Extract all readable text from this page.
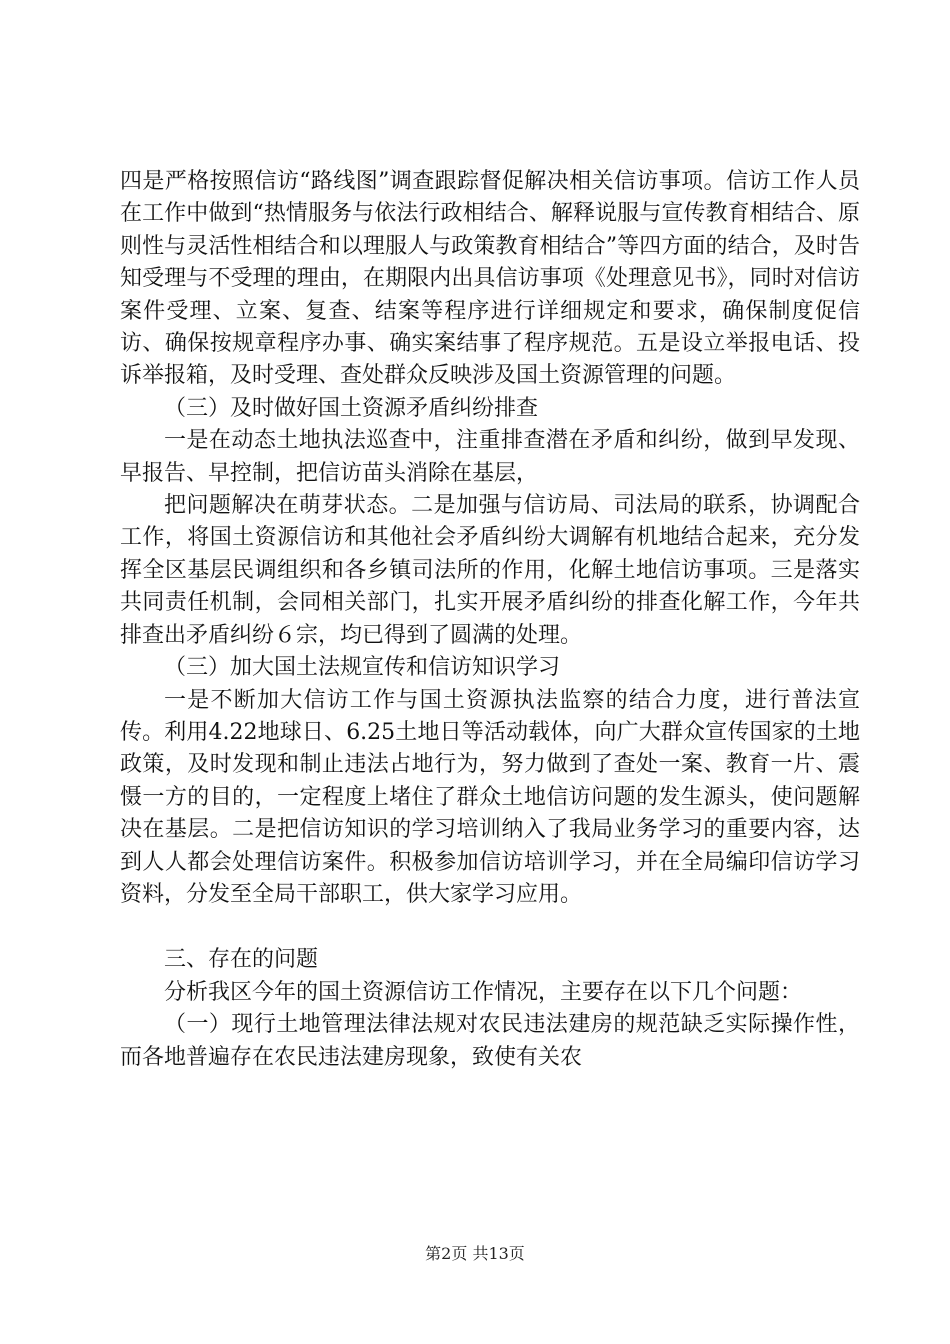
四是严格按照信访“路线图”调查跟踪督促解决相关信访事项。信访工作人员在工作中做到“热情服务与依法行政相结合、解释说服与宣传教育相结合、原则性与灵活性相结合和以理服人与政策教育相结合”等四方面的结合，及时告知受理与不受理的理由，在期限内出具信访事项《处理意见书》，同时对信访案件受理、立案、复查、结案等程序进行详细规定和要求，确保制度促信访、确保按规章程序办事、确实案结事了程序规范。五是设立举报电话、投诉举报箱，及时受理、查处群众反映涉及国土资源管理的问题。

（三）及时做好国土资源矛盾纠纷排查

一是在动态土地执法巡查中，注重排查潜在矛盾和纠纷，做到早发现、早报告、早控制，把信访苗头消除在基层，

把问题解决在萌芽状态。二是加强与信访局、司法局的联系，协调配合工作，将国土资源信访和其他社会矛盾纠纷大调解有机地结合起来，充分发挥全区基层民调组织和各乡镇司法所的作用，化解土地信访事项。三是落实共同责任机制，会同相关部门，扎实开展矛盾纠纷的排查化解工作，今年共排查出矛盾纠纷６宗，均已得到了圆满的处理。

（三）加大国土法规宣传和信访知识学习

一是不断加大信访工作与国土资源执法监察的结合力度，进行普法宣传。利用4.22地球日、6.25土地日等活动载体，向广大群众宣传国家的土地政策，及时发现和制止违法占地行为，努力做到了查处一案、教育一片、震慑一方的目的，一定程度上堵住了群众土地信访问题的发生源头，使问题解决在基层。二是把信访知识的学习培训纳入了我局业务学习的重要内容，达到人人都会处理信访案件。积极参加信访培训学习，并在全局编印信访学习资料，分发至全局干部职工，供大家学习应用。

三、存在的问题

分析我区今年的国土资源信访工作情况，主要存在以下几个问题：

（一）现行土地管理法律法规对农民违法建房的规范缺乏实际操作性，而各地普遍存在农民违法建房现象，致使有关农

第2页 共13页
